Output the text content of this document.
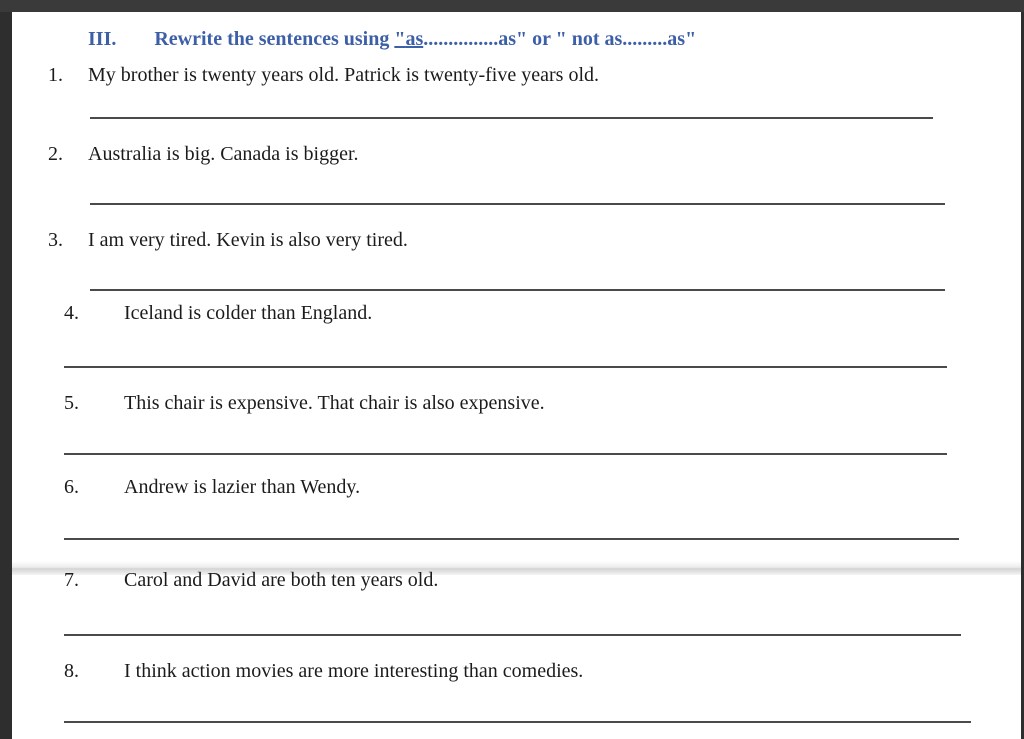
III. Rewrite the sentences using "as...............as" or " not as.........as"
1. My brother is twenty years old. Patrick is twenty-five years old.
2. Australia is big. Canada is bigger.
3. I am very tired. Kevin is also very tired.
4. Iceland is colder than England.
5. This chair is expensive. That chair is also expensive.
6. Andrew is lazier than Wendy.
7. Carol and David are both ten years old.
8. I think action movies are more interesting than comedies.
